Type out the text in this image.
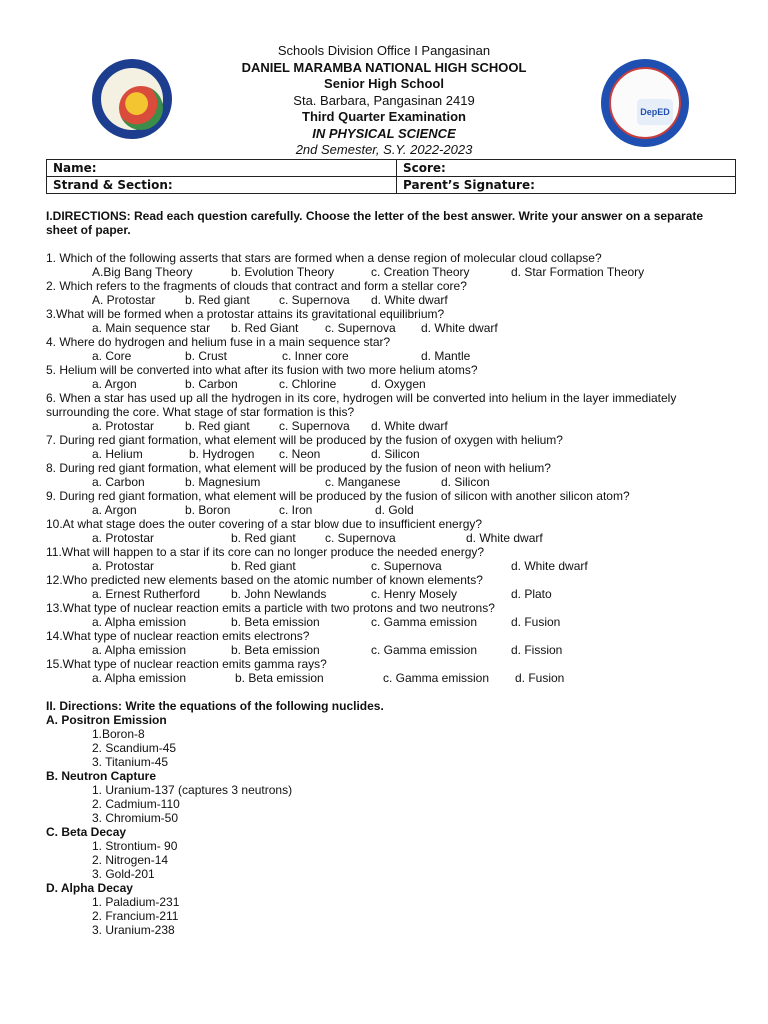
DepED
Schools Division Office I Pangasinan
DANIEL MARAMBA NATIONAL HIGH SCHOOL
Senior High School
Sta. Barbara, Pangasinan 2419
Third Quarter Examination
IN PHYSICAL SCIENCE
2nd Semester, S.Y. 2022-2023
Name:	Score:
Strand & Section:	Parent’s Signature:
I.DIRECTIONS: Read each question carefully. Choose the letter of the best answer. Write your answer on a separate sheet of paper.
1. Which of the following asserts that stars are formed when a dense region of molecular cloud collapse?
A.Big Bang Theory	b. Evolution Theory	c. Creation Theory	d. Star Formation Theory
2. Which refers to the fragments of clouds that contract and form a stellar core?
A. Protostar b. Red giant c. Supernova d. White dwarf
3.What will be formed when a protostar attains its gravitational equilibrium?
a. Main sequence star b. Red Giant c. Supernova d. White dwarf
4. Where do hydrogen and helium fuse in a main sequence star?
a. Core	b. Crust	c. Inner core	d. Mantle
5. Helium will be converted into what after its fusion with two more helium atoms?
a. Argon	b. Carbon	c. Chlorine	d. Oxygen
6. When a star has used up all the hydrogen in its core, hydrogen will be converted into helium in the layer immediately surrounding the core. What stage of star formation is this?
a. Protostar	b. Red giant c. Supernova d. White dwarf
7. During red giant formation, what element will be produced by the fusion of oxygen with helium?
a. Helium	b. Hydrogen c. Neon	d. Silicon
8. During red giant formation, what element will be produced by the fusion of neon with helium?
a. Carbon	b. Magnesium	c. Manganese	d. Silicon
9. During red giant formation, what element will be produced by the fusion of silicon with another silicon atom?
a. Argon	b. Boron	c. Iron	d. Gold
10.At what stage does the outer covering of a star blow due to insufficient energy?
a. Protostar	b. Red giant c. Supernova	d. White dwarf
11.What will happen to a star if its core can no longer produce the needed energy?
a. Protostar	b. Red giant	c. Supernova	d. White dwarf
12.Who predicted new elements based on the atomic number of known elements?
a. Ernest Rutherford	b. John Newlands	c. Henry Mosely	d. Plato
13.What type of nuclear reaction emits a particle with two protons and two neutrons?
a. Alpha emission	b. Beta emission	c. Gamma emission	d. Fusion
14.What type of nuclear reaction emits electrons?
a. Alpha emission	b. Beta emission	c. Gamma emission	d. Fission
15.What type of nuclear reaction emits gamma rays?
a. Alpha emission	b. Beta emission	c. Gamma emission d. Fusion
II. Directions: Write the equations of the following nuclides.
A. Positron Emission
1.Boron-8
2. Scandium-45
3. Titanium-45
B. Neutron Capture
1. Uranium-137 (captures 3 neutrons)
2. Cadmium-110
3. Chromium-50
C. Beta Decay
1. Strontium- 90
2. Nitrogen-14
3. Gold-201
D. Alpha Decay
1. Paladium-231
2. Francium-211
3. Uranium-238
